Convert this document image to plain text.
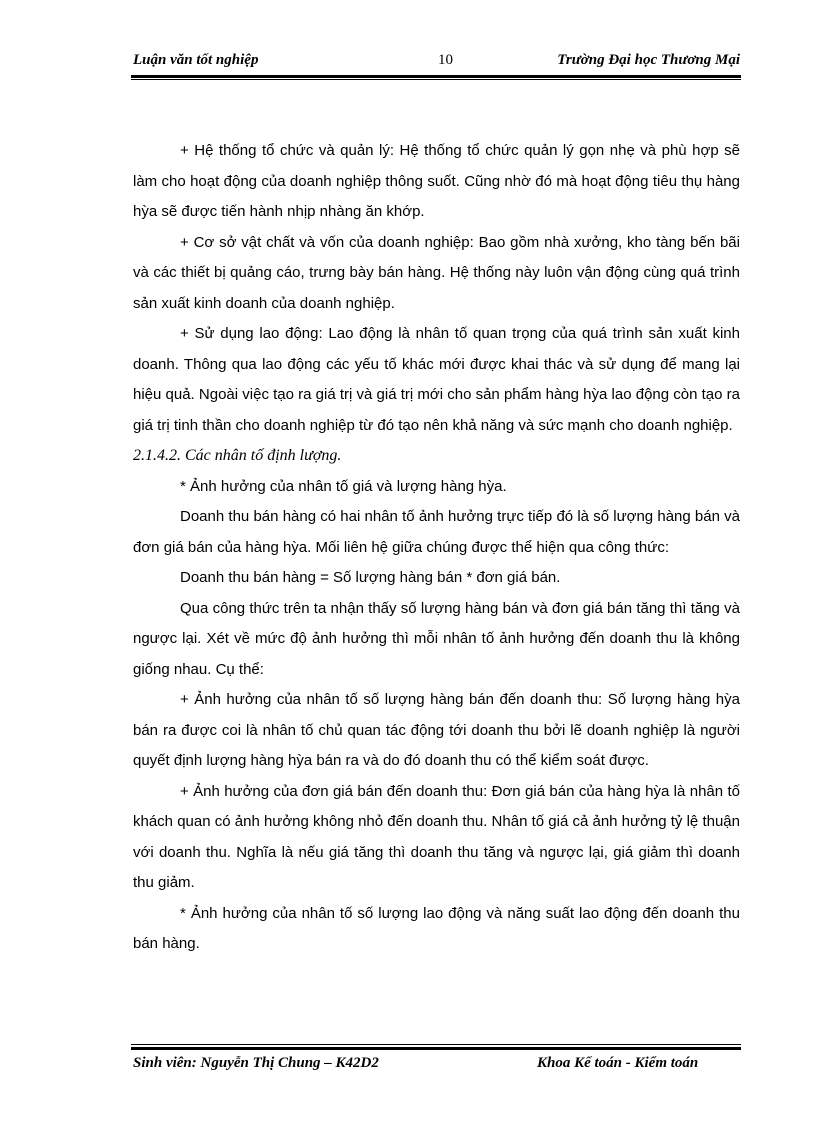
Luận văn tốt nghiệp	10	Trường Đại học Thương Mại

+ Hệ thống tổ chức và quản lý: Hệ thống tổ chức quản lý gọn nhẹ và phù hợp sẽ làm cho hoạt động của doanh nghiệp thông suốt. Cũng nhờ đó mà hoạt động tiêu thụ hàng hỳa sẽ được tiến hành nhịp nhàng ăn khớp.

+ Cơ sở vật chất và vốn của doanh nghiệp: Bao gồm nhà xưởng, kho tàng bến bãi và các thiết bị quảng cáo, trưng bày bán hàng. Hệ thống này luôn vận động cùng quá trình sản xuất kinh doanh của doanh nghiệp.

+ Sử dụng lao động: Lao động là nhân tố quan trọng của quá trình sản xuất kinh doanh. Thông qua lao động các yếu tố khác mới được khai thác và sử dụng để mang lại hiệu quả. Ngoài việc tạo ra giá trị và giá trị mới cho sản phẩm hàng hỳa lao động còn tạo ra giá trị tinh thần cho doanh nghiệp từ đó tạo nên khả năng và sức mạnh cho doanh nghiệp.

2.1.4.2. Các nhân tố định lượng.

* Ảnh hưởng của nhân tố giá và lượng hàng hỳa.

Doanh thu bán hàng có hai nhân tố ảnh hưởng trực tiếp đó là số lượng hàng bán và đơn giá bán của hàng hỳa. Mối liên hệ giữa chúng được thể hiện qua công thức:

Doanh thu bán hàng = Số lượng hàng bán * đơn giá bán.

Qua công thức trên ta nhận thấy số lượng hàng bán và đơn giá bán tăng thì tăng và ngược lại. Xét về mức độ ảnh hưởng thì mỗi nhân tố ảnh hưởng đến doanh thu là không giống nhau. Cụ thể:

+ Ảnh hưởng của nhân tố số lượng hàng bán đến doanh thu: Số lượng hàng hỳa bán ra được coi là nhân tố chủ quan tác động tới doanh thu bởi lẽ doanh nghiệp là người quyết định lượng hàng hỳa bán ra và do đó doanh thu có thể kiểm soát được.

+ Ảnh hưởng của đơn giá bán đến doanh thu: Đơn giá bán của hàng hỳa là nhân tố khách quan có ảnh hưởng không nhỏ đến doanh thu. Nhân tố giá cả ảnh hưởng tỷ lệ thuận với doanh thu. Nghĩa là nếu giá tăng thì doanh thu tăng và ngược lại, giá giảm thì doanh thu giảm.

* Ảnh hưởng của nhân tố số lượng lao động và năng suất lao động đến doanh thu bán hàng.

Sinh viên: Nguyễn Thị Chung – K42D2	Khoa Kế toán - Kiểm toán
